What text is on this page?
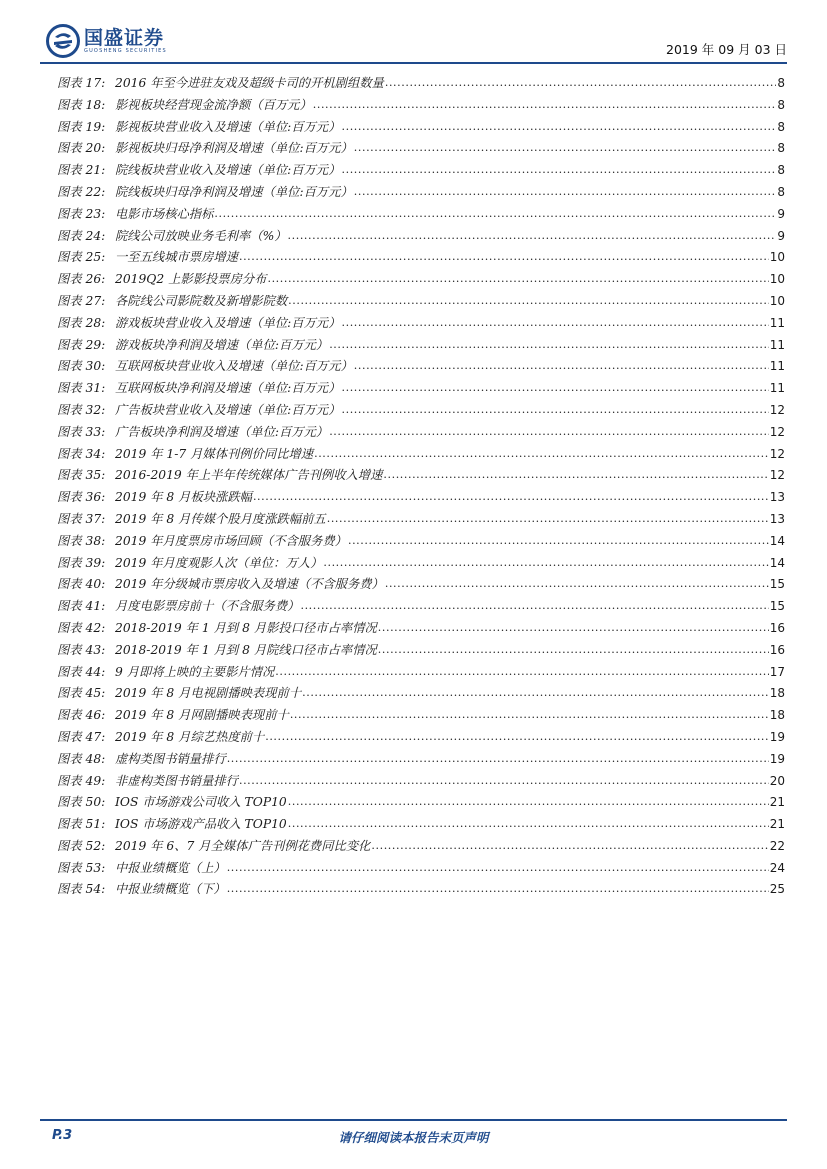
国盛证券
GUOSHENG SECURITIES	2019 年 09 月 03 日
图表 17: 2016 年至今进驻友戏及超级卡司的开机剧组数量 .....	8
图表 18: 影视板块经营现金流净额（百万元） .....	8
图表 19: 影视板块营业收入及增速（单位:百万元） .....	8
图表 20: 影视板块归母净利润及增速（单位:百万元） .....	8
图表 21: 院线板块营业收入及增速（单位:百万元） .....	8
图表 22: 院线板块归母净利润及增速（单位:百万元） .....	8
图表 23: 电影市场核心指标 .....	9
图表 24: 院线公司放映业务毛利率（%） .....	9
图表 25: 一至五线城市票房增速 .....	10
图表 26: 2019Q2 上影影投票房分布 .....	10
图表 27: 各院线公司影院数及新增影院数 .....	10
图表 28: 游戏板块营业收入及增速（单位:百万元） .....	11
图表 29: 游戏板块净利润及增速（单位:百万元） .....	11
图表 30: 互联网板块营业收入及增速（单位:百万元） .....	11
图表 31: 互联网板块净利润及增速（单位:百万元） .....	11
图表 32: 广告板块营业收入及增速（单位:百万元） .....	12
图表 33: 广告板块净利润及增速（单位:百万元） .....	12
图表 34: 2019 年 1-7 月媒体刊例价同比增速 .....	12
图表 35: 2016-2019 年上半年传统媒体广告刊例收入增速 .....	12
图表 36: 2019 年 8 月板块涨跌幅 .....	13
图表 37: 2019 年 8 月传媒个股月度涨跌幅前五 .....	13
图表 38: 2019 年月度票房市场回顾（不含服务费） .....	14
图表 39: 2019 年月度观影人次（单位：万人） .....	14
图表 40: 2019 年分级城市票房收入及增速（不含服务费） .....	15
图表 41: 月度电影票房前十（不含服务费） .....	15
图表 42: 2018-2019 年 1 月到 8 月影投口径市占率情况 .....	16
图表 43: 2018-2019 年 1 月到 8 月院线口径市占率情况 .....	16
图表 44: 9 月即将上映的主要影片情况 .....	17
图表 45: 2019 年 8 月电视剧播映表现前十 .....	18
图表 46: 2019 年 8 月网剧播映表现前十 .....	18
图表 47: 2019 年 8 月综艺热度前十 .....	19
图表 48: 虚构类图书销量排行 .....	19
图表 49: 非虚构类图书销量排行 .....	20
图表 50: IOS 市场游戏公司收入 TOP10 .....	21
图表 51: IOS 市场游戏产品收入 TOP10 .....	21
图表 52: 2019 年 6、7 月全媒体广告刊例花费同比变化 .....	22
图表 53: 中报业绩概览（上） .....	24
图表 54: 中报业绩概览（下） .....	25
P.3	请仔细阅读本报告末页声明
